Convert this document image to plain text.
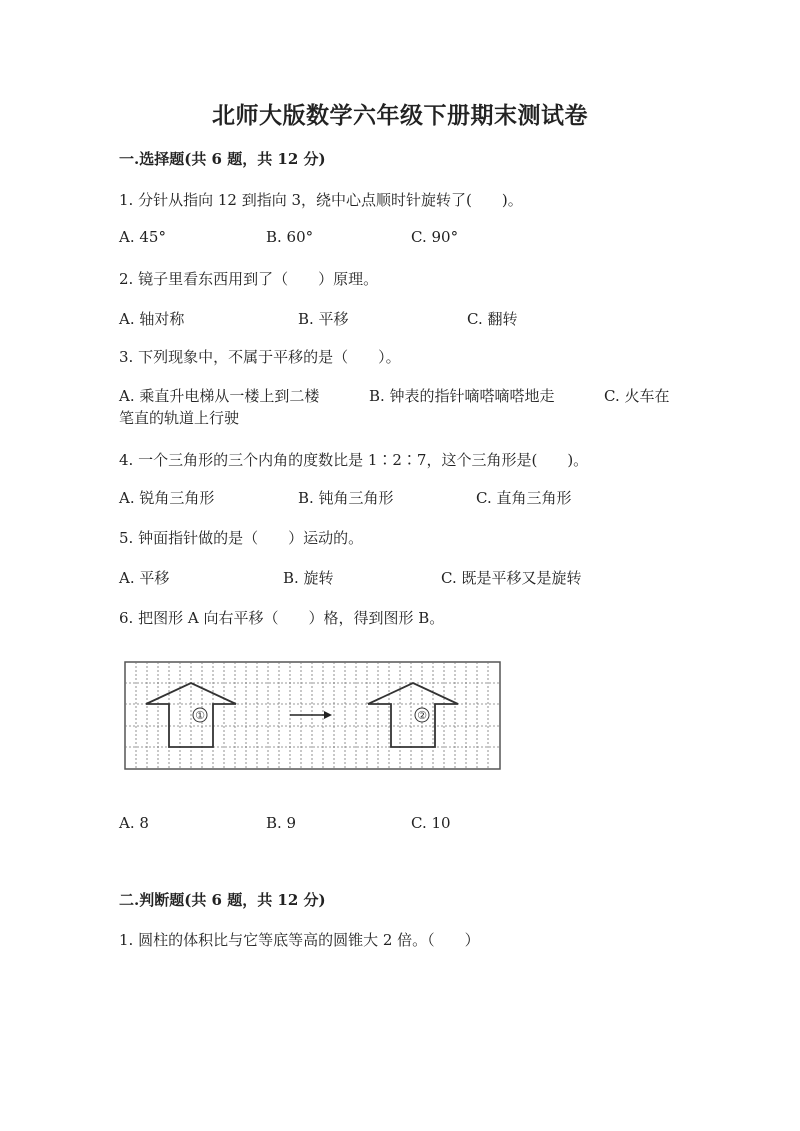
北师大版数学六年级下册期末测试卷
一.选择题(共 6 题，共 12 分)
1. 分针从指向 12 到指向 3，绕中心点顺时针旋转了(　　)。
A. 45°	B. 60°	C. 90°
2. 镜子里看东西用到了（　　）原理。
A. 轴对称	B. 平移	C. 翻转
3. 下列现象中，不属于平移的是（　　）。
A. 乘直升电梯从一楼上到二楼	B. 钟表的指针嘀嗒嘀嗒地走	C. 火车在笔直的轨道上行驶
4. 一个三角形的三个内角的度数比是 1∶2∶7，这个三角形是(　　)。
A. 锐角三角形	B. 钝角三角形	C. 直角三角形
5. 钟面指针做的是（　　）运动的。
A. 平移	B. 旋转	C. 既是平移又是旋转
6. 把图形 A 向右平移（　　）格，得到图形 B。
①	②
A. 8	B. 9	C. 10
二.判断题(共 6 题，共 12 分)
1. 圆柱的体积比与它等底等高的圆锥大 2 倍。（　　）
